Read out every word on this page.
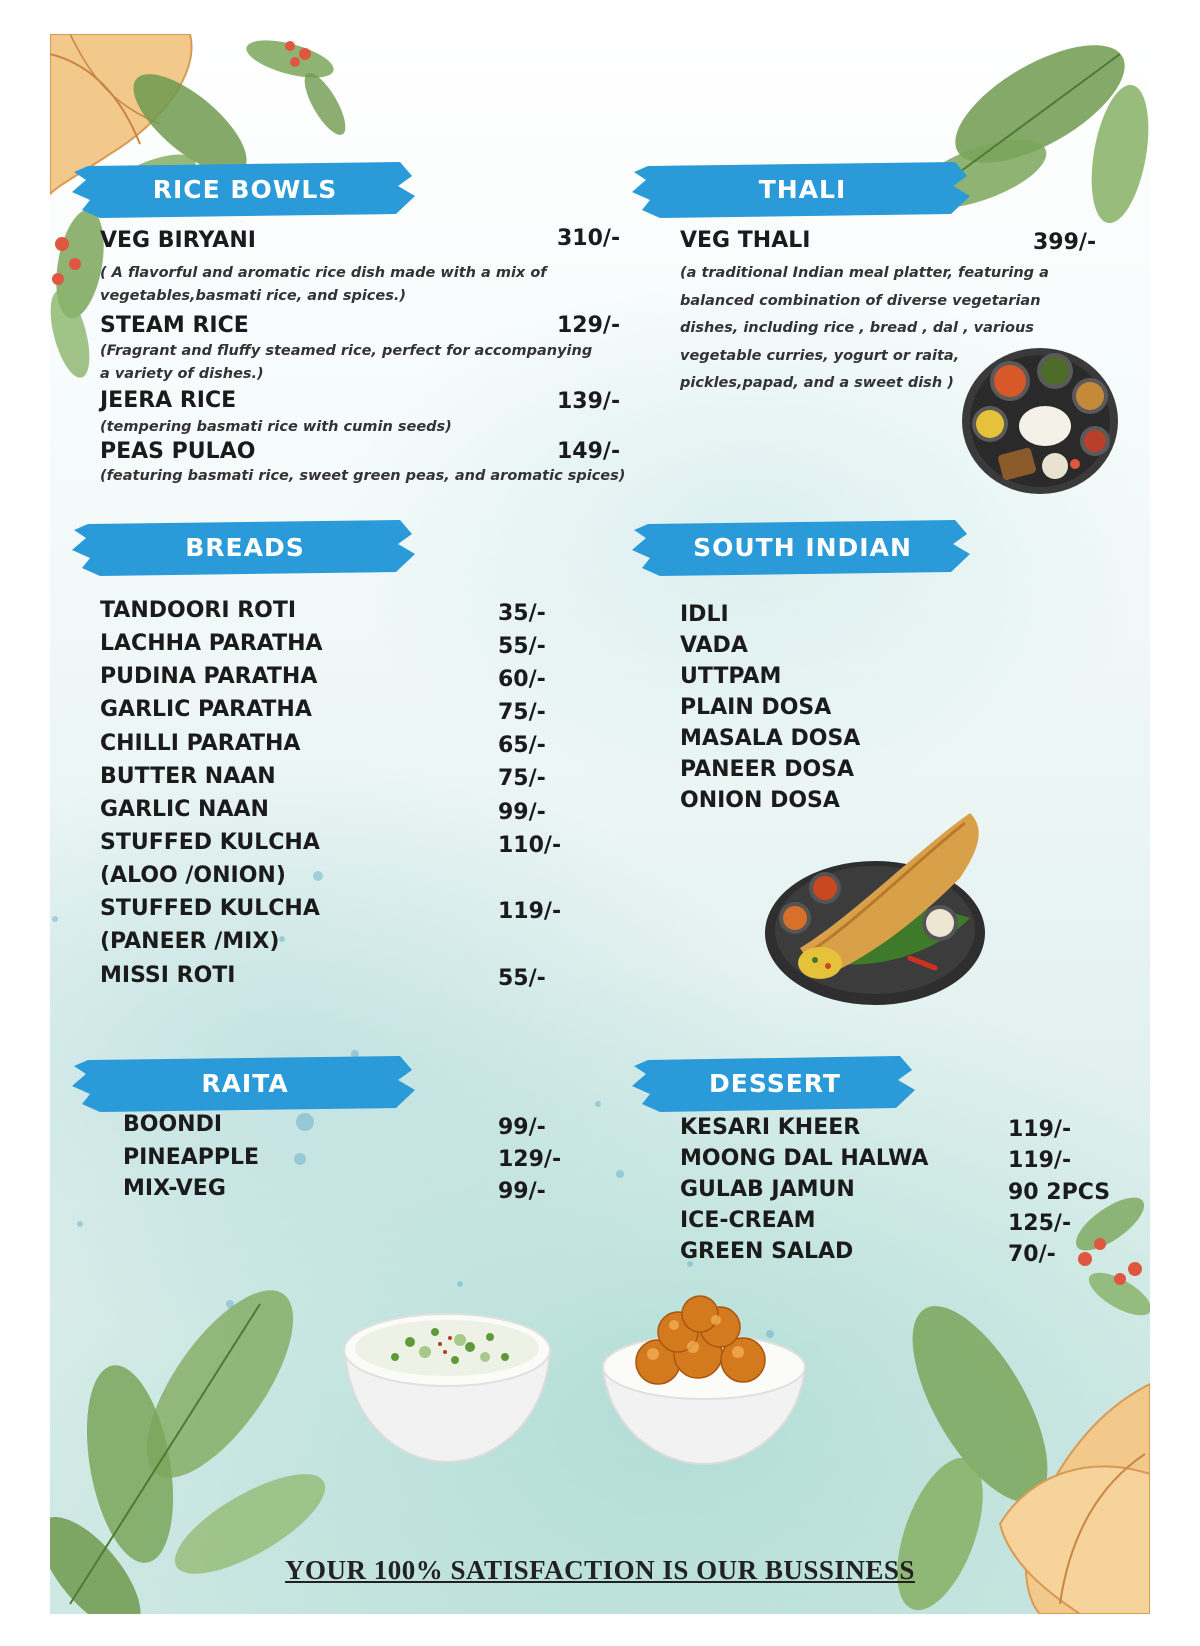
RICE BOWLS	THALI
BREADS	SOUTH INDIAN
RAITA	DESSERT
VEG BIRYANI	310/-
( A flavorful and aromatic rice dish made with a mix of
vegetables,basmati rice, and spices.)
STEAM RICE	129/-
(Fragrant and fluffy steamed rice, perfect for accompanying
a variety of dishes.)
JEERA RICE	139/-
(tempering basmati rice with cumin seeds)
PEAS PULAO	149/-
(featuring basmati rice, sweet green peas, and aromatic spices)
VEG THALI	399/-
(a traditional Indian meal platter, featuring a
balanced combination of diverse vegetarian
dishes, including rice , bread , dal , various
vegetable curries, yogurt or raita,
pickles,papad, and a sweet dish )
TANDOORI ROTI	35/-
LACHHA PARATHA	55/-
PUDINA PARATHA	60/-
GARLIC PARATHA	75/-
CHILLI PARATHA	65/-
BUTTER NAAN	75/-
GARLIC NAAN	99/-
STUFFED KULCHA
(ALOO /ONION)
110/-
STUFFED KULCHA
(PANEER /MIX)
119/-
MISSI ROTI	55/-
IDLI
VADA
UTTPAM
PLAIN DOSA
MASALA DOSA
PANEER DOSA
ONION DOSA
BOONDI	99/-
PINEAPPLE	129/-
MIX-VEG	99/-
KESARI KHEER	119/-
MOONG DAL HALWA	119/-
GULAB JAMUN	90 2PCS
ICE-CREAM	125/-
GREEN SALAD	70/-
YOUR 100% SATISFACTION IS OUR BUSSINESS
